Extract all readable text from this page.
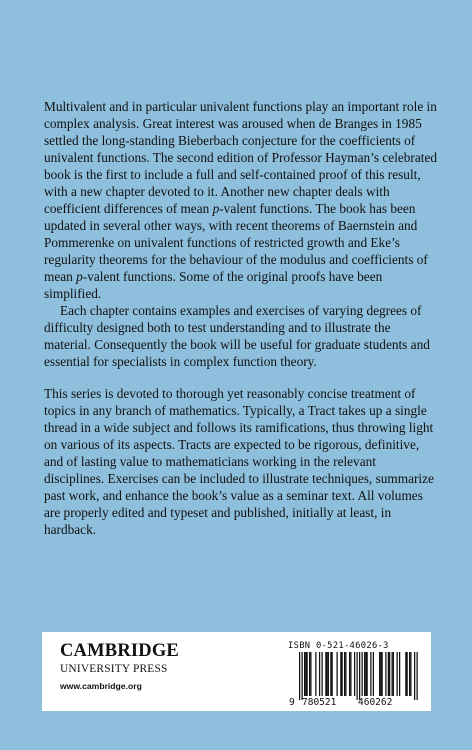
Multivalent and in particular univalent functions play an important role in complex analysis. Great interest was aroused when de Branges in 1985 settled the long-standing Bieberbach conjecture for the coefficients of univalent functions. The second edition of Professor Hayman’s celebrated book is the first to include a full and self-contained proof of this result, with a new chapter devoted to it. Another new chapter deals with coefficient differences of mean p-valent functions. The book has been updated in several other ways, with recent theorems of Baernstein and Pommerenke on univalent functions of restricted growth and Eke’s regularity theorems for the behaviour of the modulus and coefficients of mean p-valent functions. Some of the original proofs have been simplified.

Each chapter contains examples and exercises of varying degrees of difficulty designed both to test understanding and to illustrate the material. Consequently the book will be useful for graduate students and essential for specialists in complex function theory.

This series is devoted to thorough yet reasonably concise treatment of topics in any branch of mathematics. Typically, a Tract takes up a single thread in a wide subject and follows its ramifications, thus throwing light on various of its aspects. Tracts are expected to be rigorous, definitive, and of lasting value to mathematicians working in the relevant disciplines. Exercises can be included to illustrate techniques, summarize past work, and enhance the book’s value as a seminar text. All volumes are properly edited and typeset and published, initially at least, in hardback.

CAMBRIDGE
UNIVERSITY PRESS
www.cambridge.org
ISBN 0-521-46026-3
9 780521 460262
